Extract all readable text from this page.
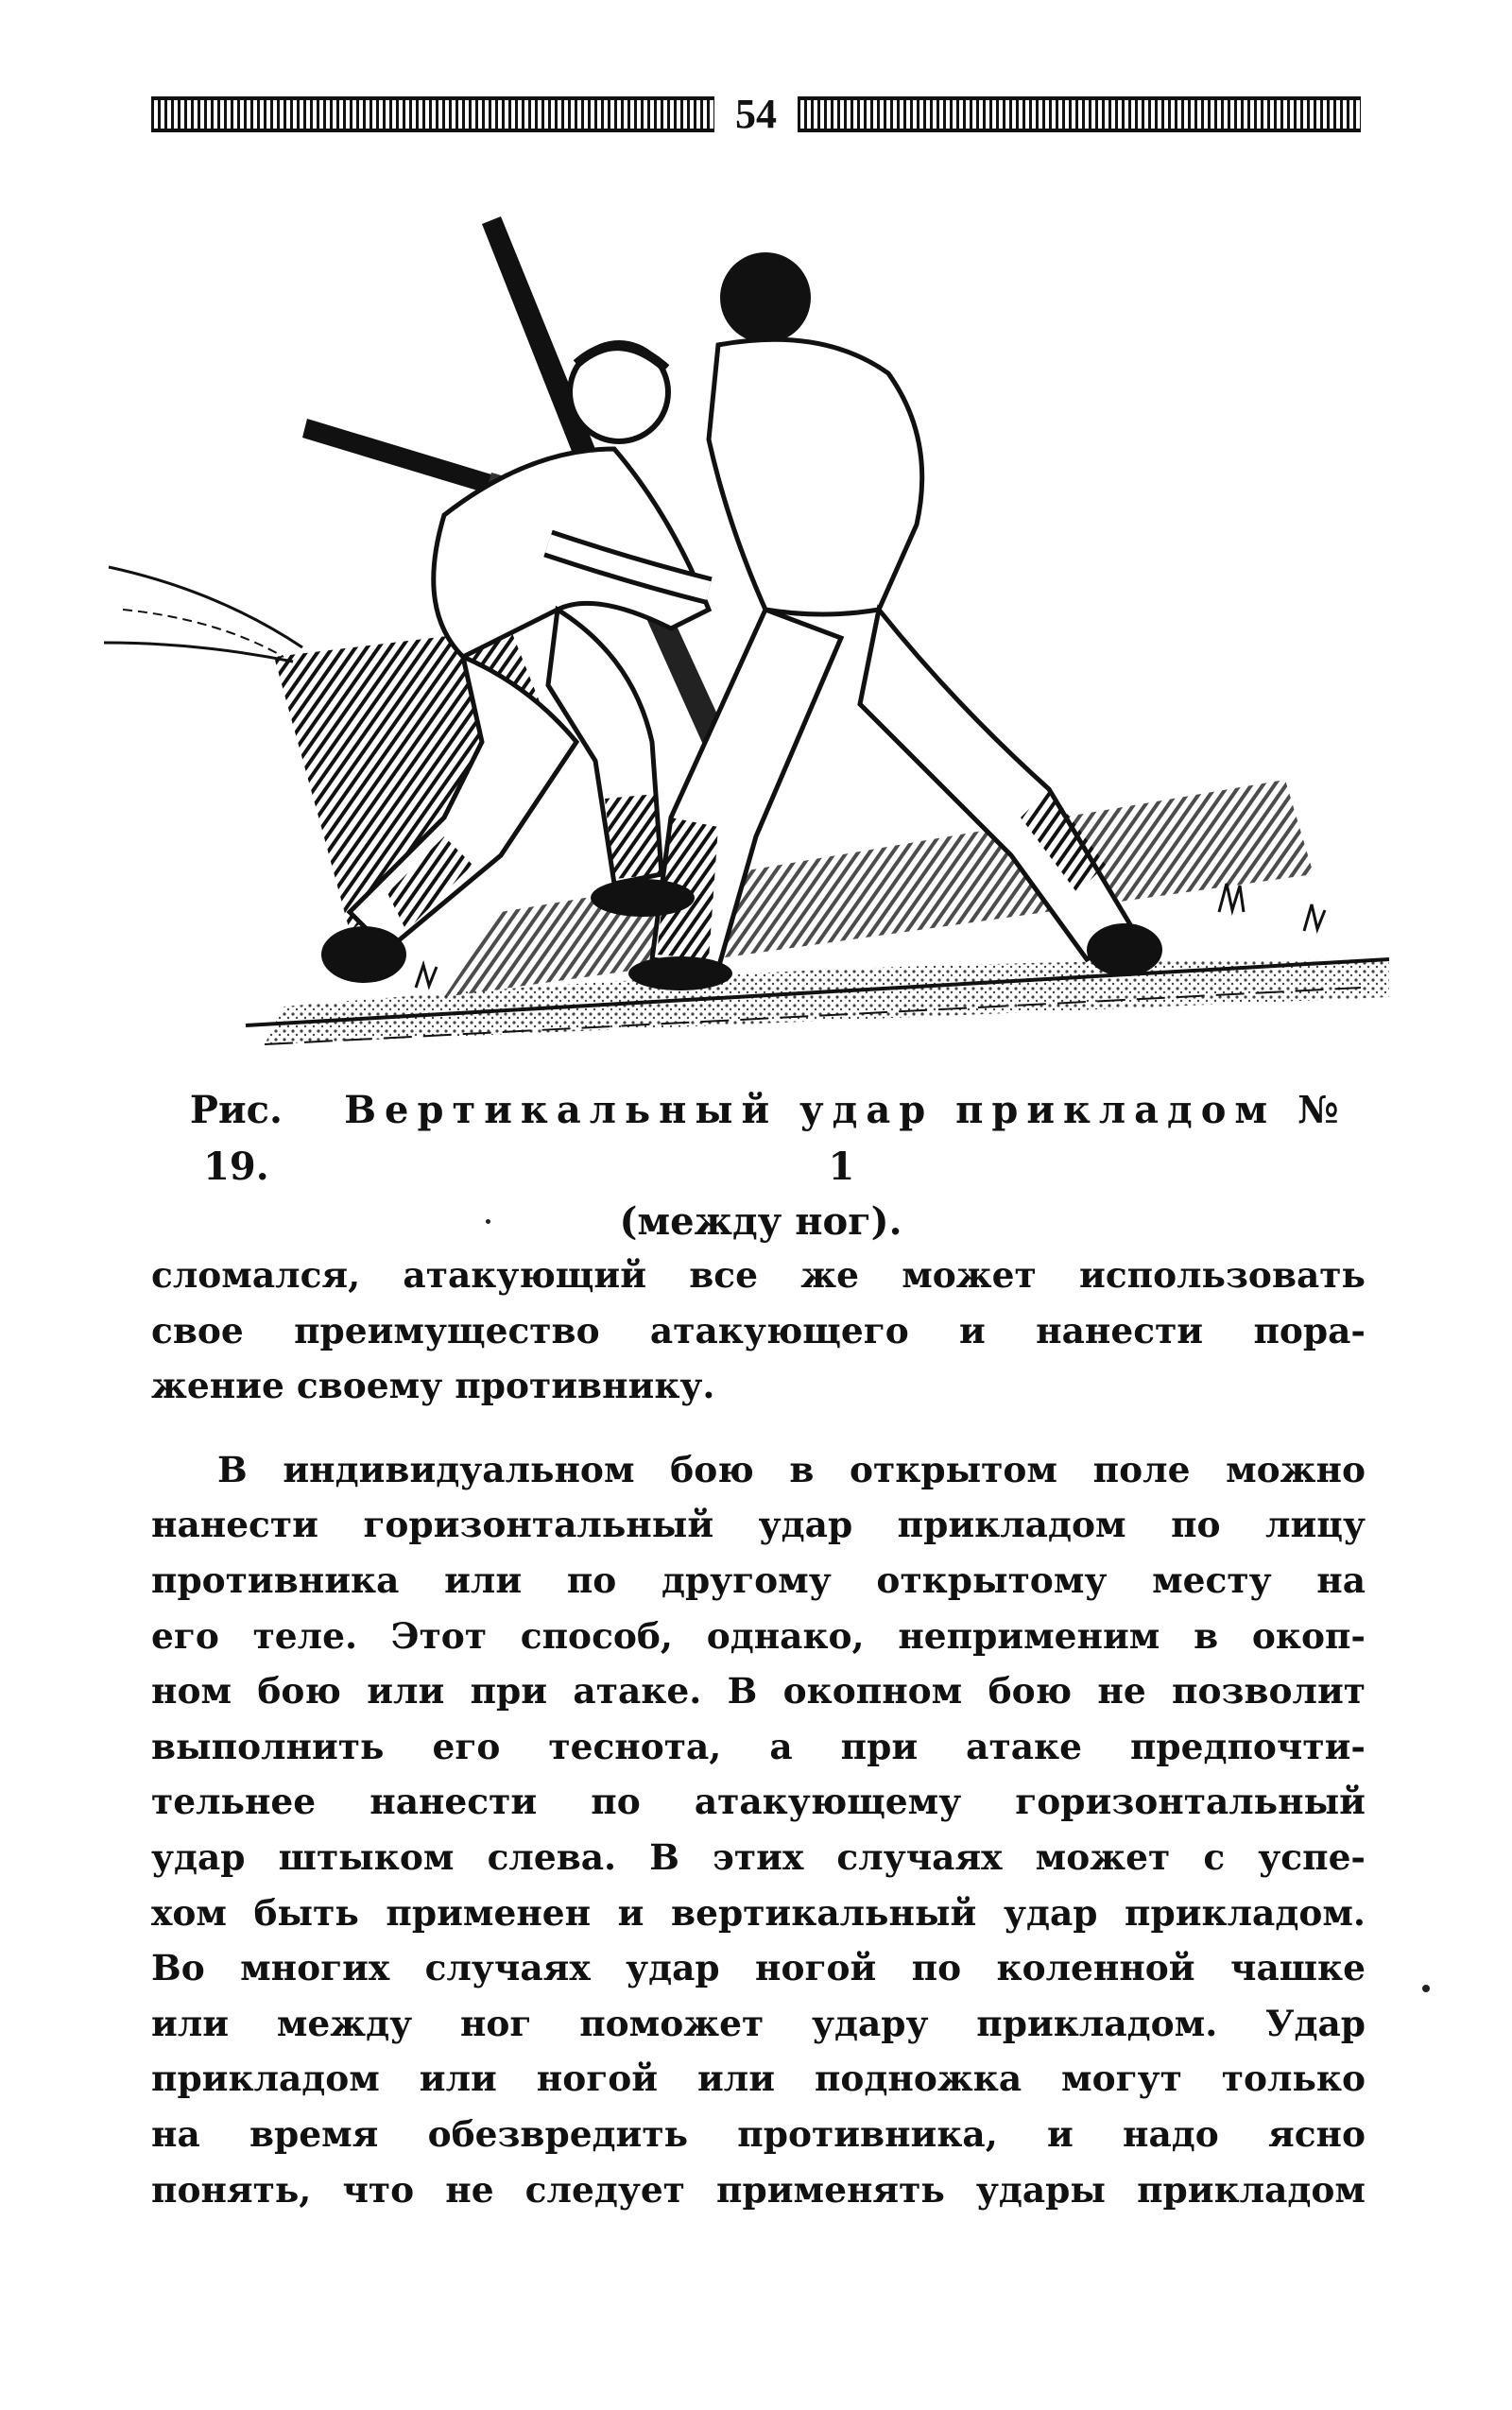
54
Рис. 19.
Вертикальный удар прикладом № 1
(между ног).
сломался, атакующий все же может использовать
свое преимущество атакующего и нанести пора-
жение своему противнику.
В индивидуальном бою в открытом поле можно
нанести горизонтальный удар прикладом по лицу
противника или по другому открытому месту на
его теле. Этот способ, однако, неприменим в окоп-
ном бою или при атаке. В окопном бою не позволит
выполнить его теснота, а при атаке предпочти-
тельнее нанести по атакующему горизонтальный
удар штыком слева. В этих случаях может с успе-
хом быть применен и вертикальный удар прикладом.
Во многих случаях удар ногой по коленной чашке
или между ног поможет удару прикладом. Удар
прикладом или ногой или подножка могут только
на время обезвредить противника, и надо ясно
понять, что не следует применять удары прикладом
